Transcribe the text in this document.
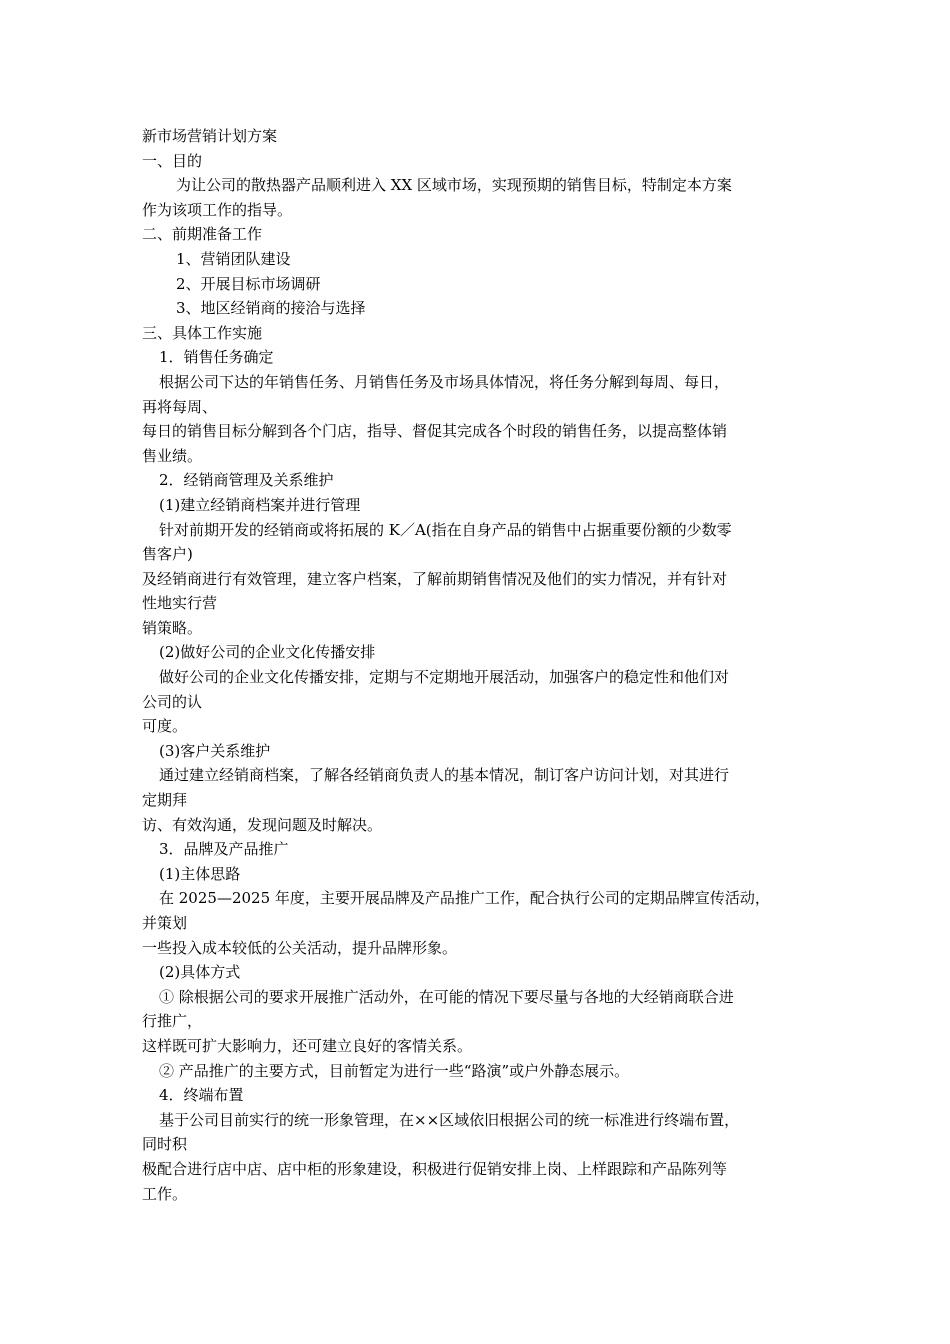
新市场营销计划方案

一、目的

为让公司的散热器产品顺利进入 XX 区域市场，实现预期的销售目标，特制定本方案

作为该项工作的指导。

二、前期准备工作

1、营销团队建设

2、开展目标市场调研

3、地区经销商的接洽与选择

三、具体工作实施

1．销售任务确定

根据公司下达的年销售任务、月销售任务及市场具体情况，将任务分解到每周、每日，

再将每周、

每日的销售目标分解到各个门店，指导、督促其完成各个时段的销售任务，以提高整体销

售业绩。

2．经销商管理及关系维护

(1)建立经销商档案并进行管理

针对前期开发的经销商或将拓展的 K／A(指在自身产品的销售中占据重要份额的少数零

售客户)

及经销商进行有效管理，建立客户档案，了解前期销售情况及他们的实力情况，并有针对

性地实行营

销策略。

(2)做好公司的企业文化传播安排

做好公司的企业文化传播安排，定期与不定期地开展活动，加强客户的稳定性和他们对

公司的认

可度。

(3)客户关系维护

通过建立经销商档案，了解各经销商负责人的基本情况，制订客户访问计划，对其进行

定期拜

访、有效沟通，发现问题及时解决。

3．品牌及产品推广

(1)主体思路

在 2025—2025 年度，主要开展品牌及产品推广工作，配合执行公司的定期品牌宣传活动，

并策划

一些投入成本较低的公关活动，提升品牌形象。

(2)具体方式

① 除根据公司的要求开展推广活动外，在可能的情况下要尽量与各地的大经销商联合进

行推广，

这样既可扩大影响力，还可建立良好的客情关系。

② 产品推广的主要方式，目前暂定为进行一些“路演”或户外静态展示。

4．终端布置

基于公司目前实行的统一形象管理，在××区域依旧根据公司的统一标准进行终端布置，

同时积

极配合进行店中店、店中柜的形象建设，积极进行促销安排上岗、上样跟踪和产品陈列等

工作。
